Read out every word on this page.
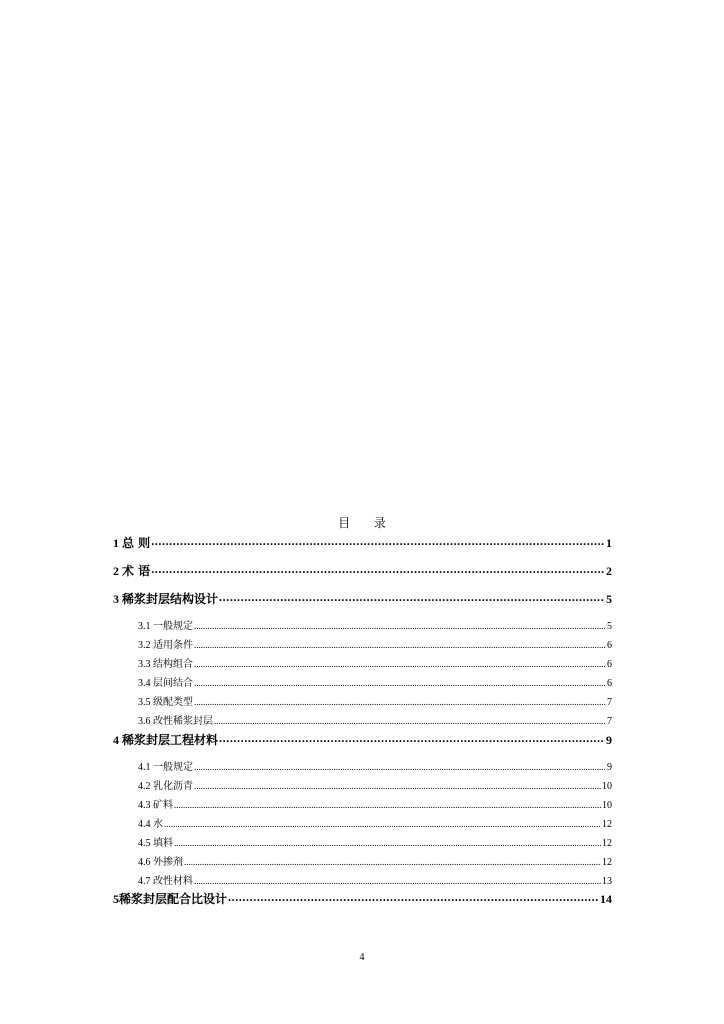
目 录
1 总 则 .....	1
2 术 语 .....	2
3 稀浆封层结构设计 .....	5
3.1 一般规定 .....	5
3.2 适用条件 .....	6
3.3 结构组合 .....	6
3.4 层间结合 .....	6
3.5 级配类型 .....	7
3.6 改性稀浆封层 .....	7
4 稀浆封层工程材料 .....	9
4.1 一般规定 .....	9
4.2 乳化沥青 .....	10
4.3 矿料 .....	10
4.4 水 .....	12
4.5 填料 .....	12
4.6 外掺剂 .....	12
4.7 改性材料 .....	13
5稀浆封层配合比设计 .....	14
4
